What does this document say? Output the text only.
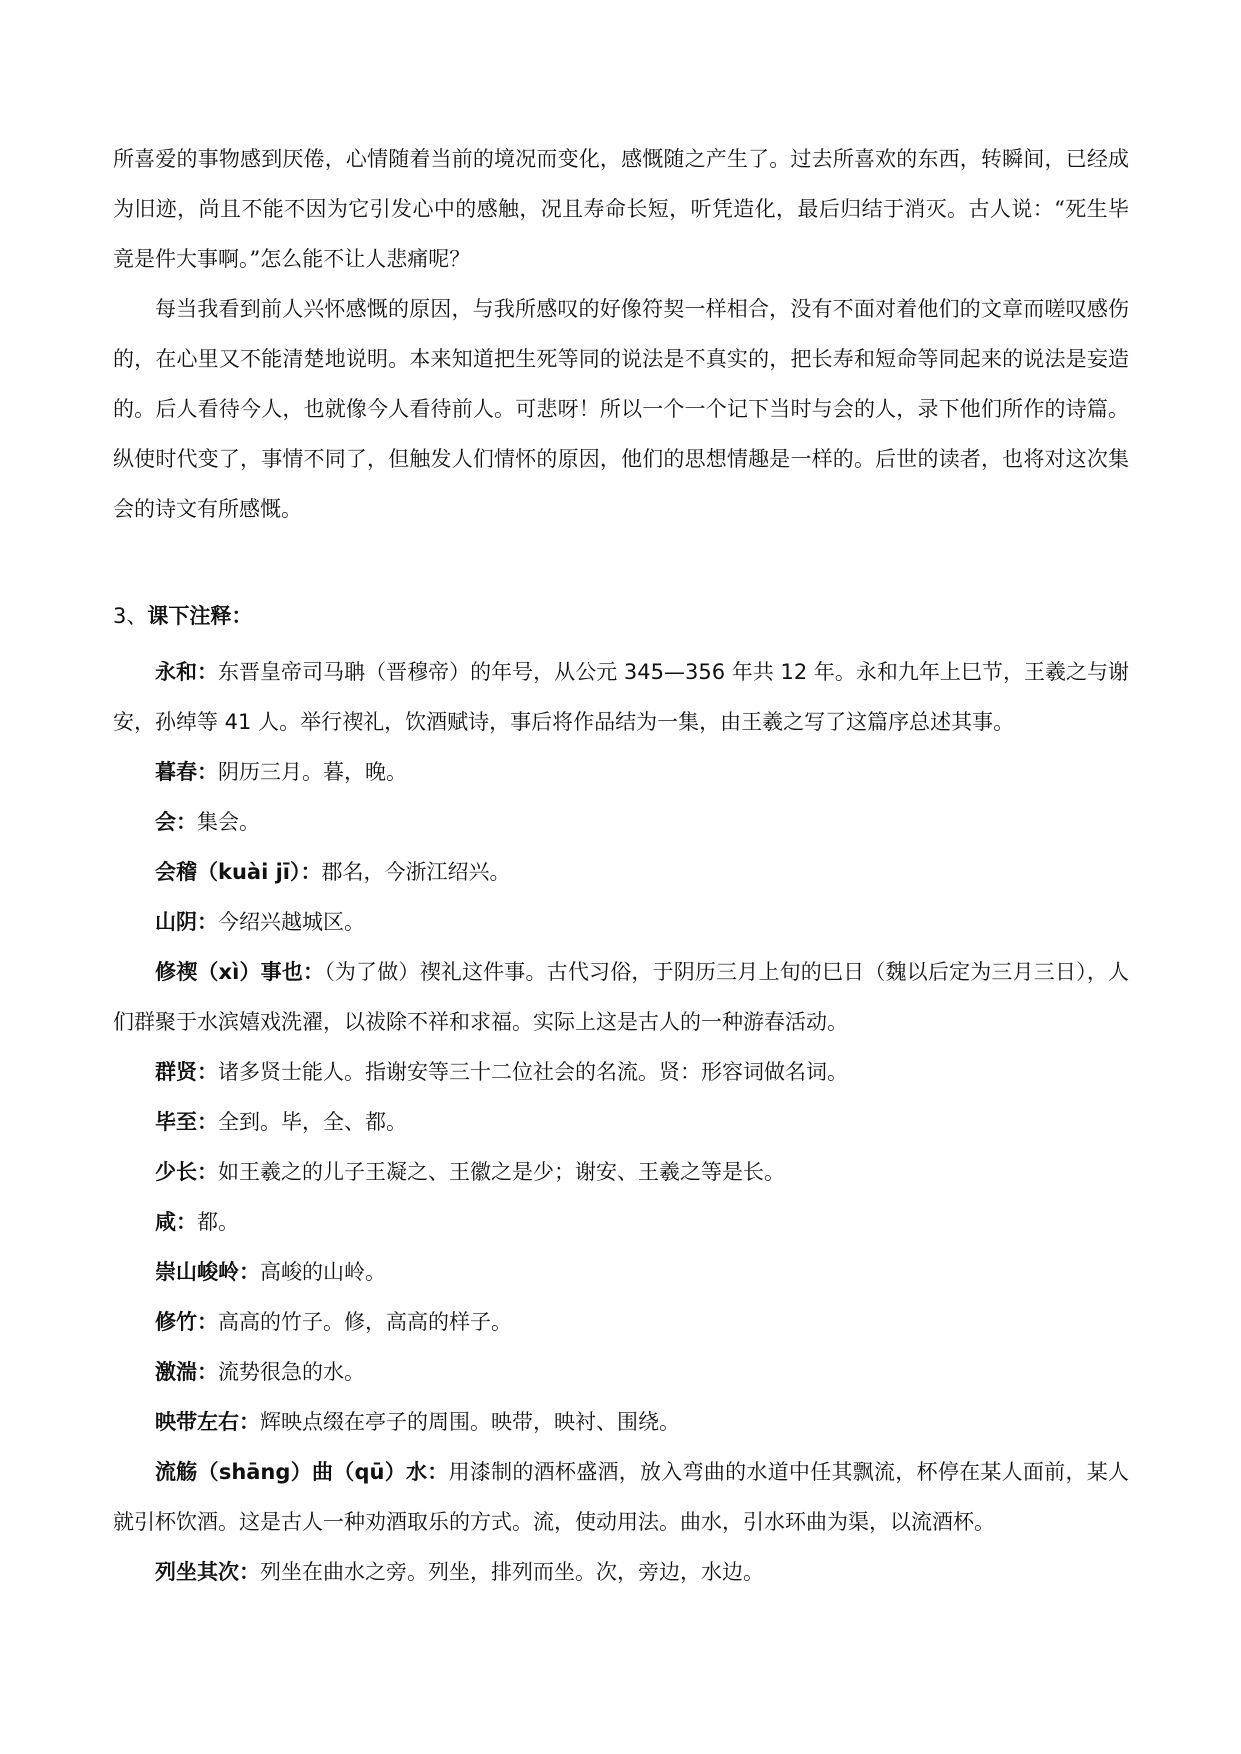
所喜爱的事物感到厌倦，心情随着当前的境况而变化，感慨随之产生了。过去所喜欢的东西，转瞬间，已经成为旧迹，尚且不能不因为它引发心中的感触，况且寿命长短，听凭造化，最后归结于消灭。古人说：“死生毕竟是件大事啊。”怎么能不让人悲痛呢？

每当我看到前人兴怀感慨的原因，与我所感叹的好像符契一样相合，没有不面对着他们的文章而嗟叹感伤的，在心里又不能清楚地说明。本来知道把生死等同的说法是不真实的，把长寿和短命等同起来的说法是妄造的。后人看待今人，也就像今人看待前人。可悲呀！所以一个一个记下当时与会的人，录下他们所作的诗篇。纵使时代变了，事情不同了，但触发人们情怀的原因，他们的思想情趣是一样的。后世的读者，也将对这次集会的诗文有所感慨。

3、课下注释：

永和：东晋皇帝司马聃（晋穆帝）的年号，从公元 345—356 年共 12 年。永和九年上巳节，王羲之与谢安，孙绰等 41 人。举行禊礼，饮酒赋诗，事后将作品结为一集，由王羲之写了这篇序总述其事。

暮春：阴历三月。暮，晚。

会：集会。

会稽（kuài jī）：郡名，今浙江绍兴。

山阴：今绍兴越城区。

修禊（xì）事也：（为了做）禊礼这件事。古代习俗，于阴历三月上旬的巳日（魏以后定为三月三日），人们群聚于水滨嬉戏洗濯，以祓除不祥和求福。实际上这是古人的一种游春活动。

群贤：诸多贤士能人。指谢安等三十二位社会的名流。贤：形容词做名词。

毕至：全到。毕，全、都。

少长：如王羲之的儿子王凝之、王徽之是少；谢安、王羲之等是长。

咸：都。

崇山峻岭：高峻的山岭。

修竹：高高的竹子。修，高高的样子。

激湍：流势很急的水。

映带左右：辉映点缀在亭子的周围。映带，映衬、围绕。

流觞（shāng）曲（qū）水：用漆制的酒杯盛酒，放入弯曲的水道中任其飘流，杯停在某人面前，某人就引杯饮酒。这是古人一种劝酒取乐的方式。流，使动用法。曲水，引水环曲为渠，以流酒杯。

列坐其次：列坐在曲水之旁。列坐，排列而坐。次，旁边，水边。
